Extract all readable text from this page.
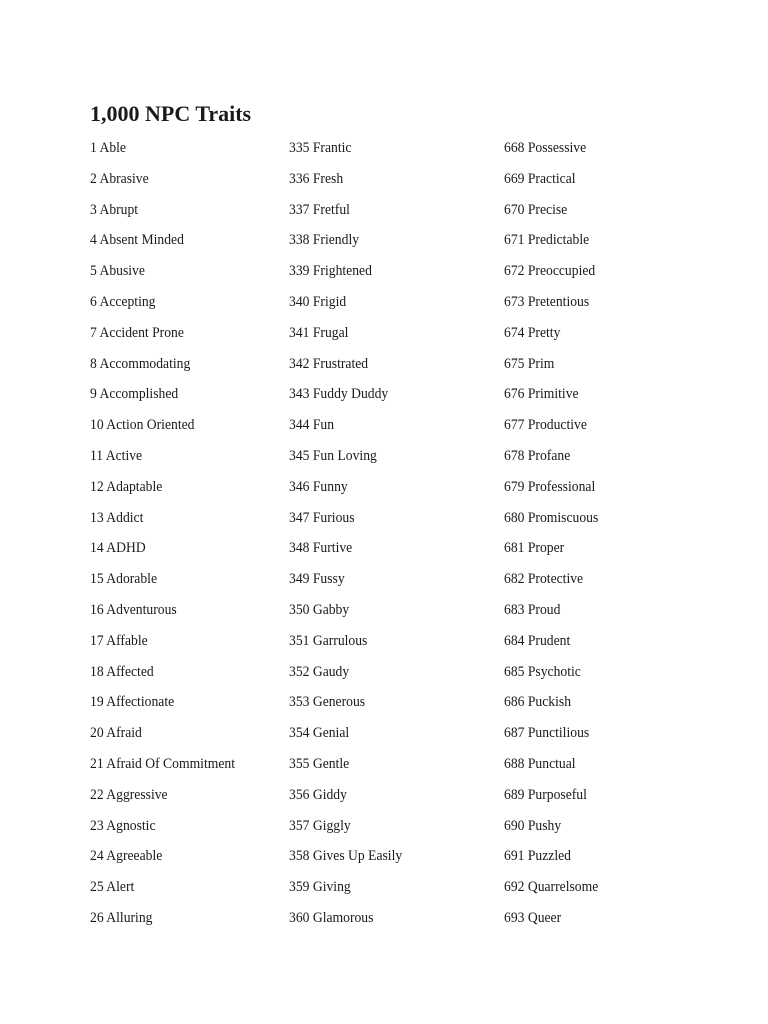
1,000 NPC Traits
1 Able
2 Abrasive
3 Abrupt
4 Absent Minded
5 Abusive
6 Accepting
7 Accident Prone
8 Accommodating
9 Accomplished
10 Action Oriented
11 Active
12 Adaptable
13 Addict
14 ADHD
15 Adorable
16 Adventurous
17 Affable
18 Affected
19 Affectionate
20 Afraid
21 Afraid Of Commitment
22 Aggressive
23 Agnostic
24 Agreeable
25 Alert
26 Alluring
335 Frantic
336 Fresh
337 Fretful
338 Friendly
339 Frightened
340 Frigid
341 Frugal
342 Frustrated
343 Fuddy Duddy
344 Fun
345 Fun Loving
346 Funny
347 Furious
348 Furtive
349 Fussy
350 Gabby
351 Garrulous
352 Gaudy
353 Generous
354 Genial
355 Gentle
356 Giddy
357 Giggly
358 Gives Up Easily
359 Giving
360 Glamorous
668 Possessive
669 Practical
670 Precise
671 Predictable
672 Preoccupied
673 Pretentious
674 Pretty
675 Prim
676 Primitive
677 Productive
678 Profane
679 Professional
680 Promiscuous
681 Proper
682 Protective
683 Proud
684 Prudent
685 Psychotic
686 Puckish
687 Punctilious
688 Punctual
689 Purposeful
690 Pushy
691 Puzzled
692 Quarrelsome
693 Queer
